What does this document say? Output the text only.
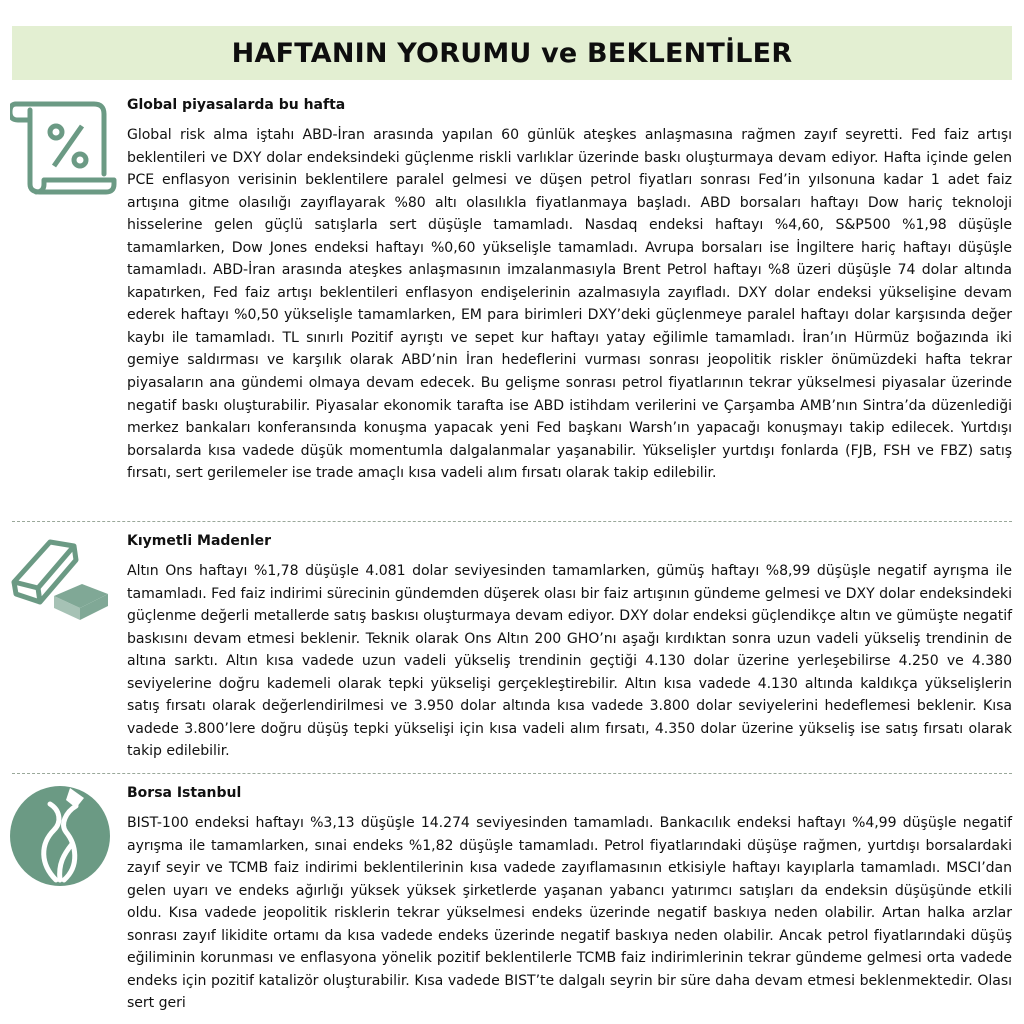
HAFTANIN YORUMU ve BEKLENTİLER
Global piyasalarda bu hafta

Global risk alma iştahı ABD-İran arasında yapılan 60 günlük ateşkes anlaşmasına rağmen zayıf seyretti. Fed faiz artışı beklentileri ve DXY dolar endeksindeki güçlenme riskli varlıklar üzerinde baskı oluşturmaya devam ediyor. Hafta içinde gelen PCE enflasyon verisinin beklentilere paralel gelmesi ve düşen petrol fiyatları sonrası Fed’in yılsonuna kadar 1 adet faiz artışına gitme olasılığı zayıflayarak %80 altı olasılıkla fiyatlanmaya başladı. ABD borsaları haftayı Dow hariç teknoloji hisselerine gelen güçlü satışlarla sert düşüşle tamamladı. Nasdaq endeksi haftayı %4,60, S&P500 %1,98 düşüşle tamamlarken, Dow Jones endeksi haftayı %0,60 yükselişle tamamladı. Avrupa borsaları ise İngiltere hariç haftayı düşüşle tamamladı. ABD-İran arasında ateşkes anlaşmasının imzalanmasıyla Brent Petrol haftayı %8 üzeri düşüşle 74 dolar altında kapatırken, Fed faiz artışı beklentileri enflasyon endişelerinin azalmasıyla zayıfladı. DXY dolar endeksi yükselişine devam ederek haftayı %0,50 yükselişle tamamlarken, EM para birimleri DXY’deki güçlenmeye paralel haftayı dolar karşısında değer kaybı ile tamamladı. TL sınırlı Pozitif ayrıştı ve sepet kur haftayı yatay eğilimle tamamladı. İran’ın Hürmüz boğazında iki gemiye saldırması ve karşılık olarak ABD’nin İran hedeflerini vurması sonrası jeopolitik riskler önümüzdeki hafta tekrar piyasaların ana gündemi olmaya devam edecek. Bu gelişme sonrası petrol fiyatlarının tekrar yükselmesi piyasalar üzerinde negatif baskı oluşturabilir. Piyasalar ekonomik tarafta ise ABD istihdam verilerini ve Çarşamba AMB’nın Sintra’da düzenlediği merkez bankaları konferansında konuşma yapacak yeni Fed başkanı Warsh’ın yapacağı konuşmayı takip edilecek. Yurtdışı borsalarda kısa vadede düşük momentumla dalgalanmalar yaşanabilir. Yükselişler yurtdışı fonlarda (FJB, FSH ve FBZ) satış fırsatı, sert gerilemeler ise trade amaçlı kısa vadeli alım fırsatı olarak takip edilebilir.

Kıymetli Madenler

Altın Ons haftayı %1,78 düşüşle 4.081 dolar seviyesinden tamamlarken, gümüş haftayı %8,99 düşüşle negatif ayrışma ile tamamladı. Fed faiz indirimi sürecinin gündemden düşerek olası bir faiz artışının gündeme gelmesi ve DXY dolar endeksindeki güçlenme değerli metallerde satış baskısı oluşturmaya devam ediyor. DXY dolar endeksi güçlendikçe altın ve gümüşte negatif baskısını devam etmesi beklenir. Teknik olarak Ons Altın 200 GHO’nı aşağı kırdıktan sonra uzun vadeli yükseliş trendinin de altına sarktı. Altın kısa vadede uzun vadeli yükseliş trendinin geçtiği 4.130 dolar üzerine yerleşebilirse 4.250 ve 4.380 seviyelerine doğru kademeli olarak tepki yükselişi gerçekleştirebilir. Altın kısa vadede 4.130 altında kaldıkça yükselişlerin satış fırsatı olarak değerlendirilmesi ve 3.950 dolar altında kısa vadede 3.800 dolar seviyelerini hedeflemesi beklenir. Kısa vadede 3.800’lere doğru düşüş tepki yükselişi için kısa vadeli alım fırsatı, 4.350 dolar üzerine yükseliş ise satış fırsatı olarak takip edilebilir.

Borsa Istanbul

BIST-100 endeksi haftayı %3,13 düşüşle 14.274 seviyesinden tamamladı. Bankacılık endeksi haftayı %4,99 düşüşle negatif ayrışma ile tamamlarken, sınai endeks %1,82 düşüşle tamamladı. Petrol fiyatlarındaki düşüşe rağmen, yurtdışı borsalardaki zayıf seyir ve TCMB faiz indirimi beklentilerinin kısa vadede zayıflamasının etkisiyle haftayı kayıplarla tamamladı. MSCI’dan gelen uyarı ve endeks ağırlığı yüksek yüksek şirketlerde yaşanan yabancı yatırımcı satışları da endeksin düşüşünde etkili oldu. Kısa vadede jeopolitik risklerin tekrar yükselmesi endeks üzerinde negatif baskıya neden olabilir. Artan halka arzlar sonrası zayıf likidite ortamı da kısa vadede endeks üzerinde negatif baskıya neden olabilir. Ancak petrol fiyatlarındaki düşüş eğiliminin korunması ve enflasyona yönelik pozitif beklentilerle TCMB faiz indirimlerinin tekrar gündeme gelmesi orta vadede endeks için pozitif katalizör oluşturabilir. Kısa vadede BIST’te dalgalı seyrin bir süre daha devam etmesi beklenmektedir. Olası sert geri
